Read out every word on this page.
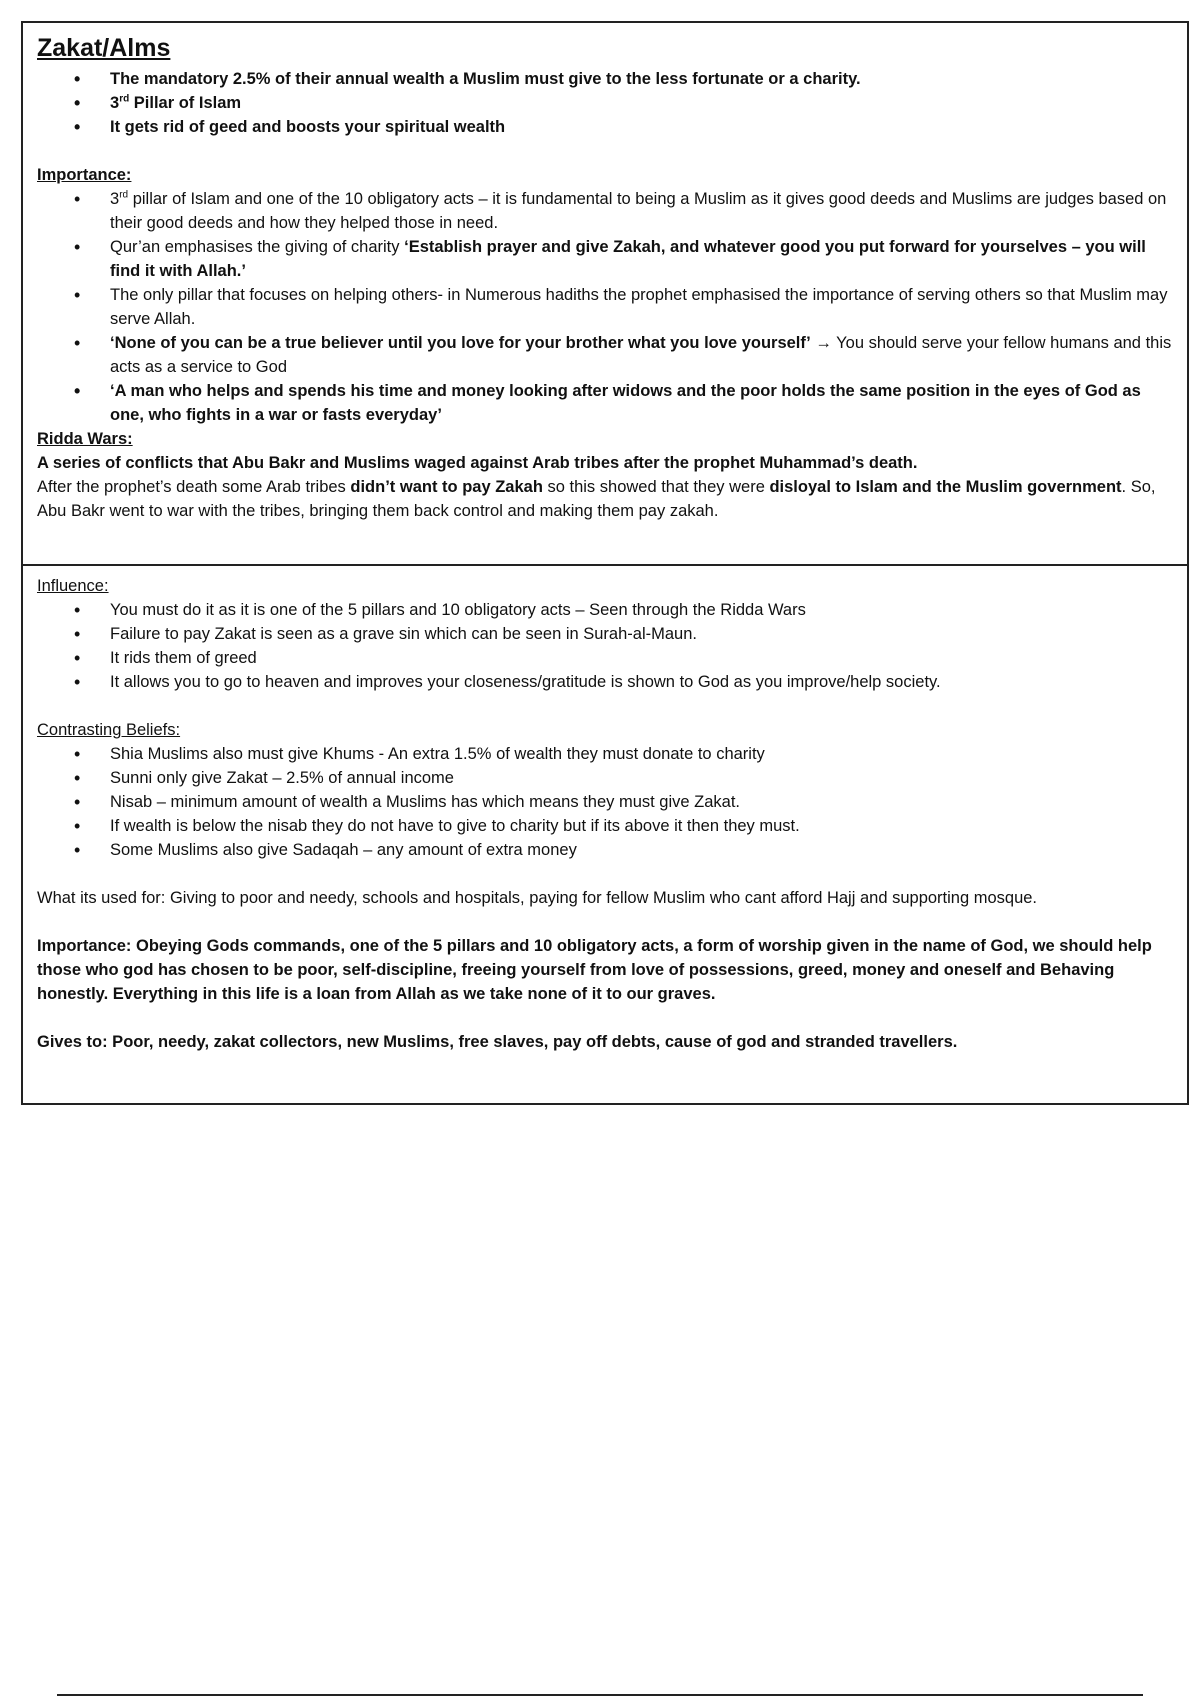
Zakat/Alms
• The mandatory 2.5% of their annual wealth a Muslim must give to the less fortunate or a charity.
• 3rd Pillar of Islam
• It gets rid of geed and boosts your spiritual wealth
Importance:
• 3rd pillar of Islam and one of the 10 obligatory acts – it is fundamental to being a Muslim as it gives good deeds and Muslims are judges based on their good deeds and how they helped those in need.
• Qur’an emphasises the giving of charity ‘Establish prayer and give Zakah, and whatever good you put forward for yourselves – you will find it with Allah.’
• The only pillar that focuses on helping others- in Numerous hadiths the prophet emphasised the importance of serving others so that Muslim may serve Allah.
• ‘None of you can be a true believer until you love for your brother what you love yourself’ → You should serve your fellow humans and this acts as a service to God
• ‘A man who helps and spends his time and money looking after widows and the poor holds the same position in the eyes of God as one, who fights in a war or fasts everyday’
Ridda Wars:
A series of conflicts that Abu Bakr and Muslims waged against Arab tribes after the prophet Muhammad’s death.
After the prophet’s death some Arab tribes didn’t want to pay Zakah so this showed that they were disloyal to Islam and the Muslim government. So, Abu Bakr went to war with the tribes, bringing them back control and making them pay zakah.
Influence:
• You must do it as it is one of the 5 pillars and 10 obligatory acts – Seen through the Ridda Wars
• Failure to pay Zakat is seen as a grave sin which can be seen in Surah-al-Maun.
• It rids them of greed
• It allows you to go to heaven and improves your closeness/gratitude is shown to God as you improve/help society.
Contrasting Beliefs:
• Shia Muslims also must give Khums - An extra 1.5% of wealth they must donate to charity
• Sunni only give Zakat – 2.5% of annual income
• Nisab – minimum amount of wealth a Muslims has which means they must give Zakat.
• If wealth is below the nisab they do not have to give to charity but if its above it then they must.
• Some Muslims also give Sadaqah – any amount of extra money
What its used for: Giving to poor and needy, schools and hospitals, paying for fellow Muslim who cant afford Hajj and supporting mosque.
Importance: Obeying Gods commands, one of the 5 pillars and 10 obligatory acts, a form of worship given in the name of God, we should help those who god has chosen to be poor, self-discipline, freeing yourself from love of possessions, greed, money and oneself and Behaving honestly. Everything in this life is a loan from Allah as we take none of it to our graves.
Gives to: Poor, needy, zakat collectors, new Muslims, free slaves, pay off debts, cause of god and stranded travellers.
